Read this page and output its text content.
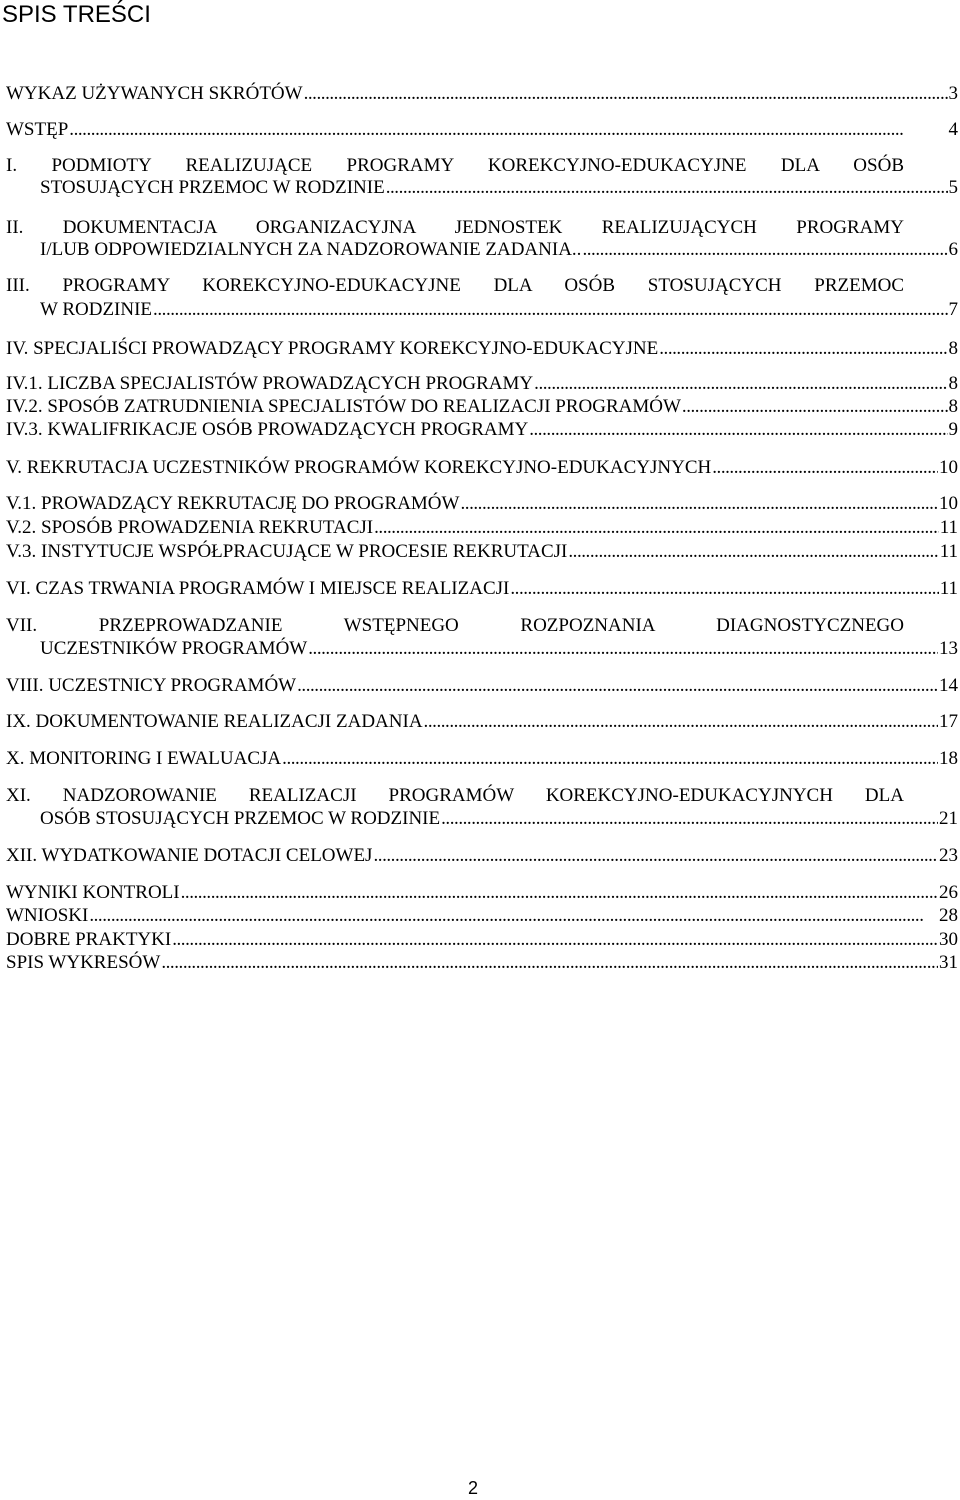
SPIS TREŚCI
WYKAZ UŻYWANYCH SKRÓTÓW . . .	3
WSTĘP . . .	4
I. PODMIOTY REALIZUJĄCE PROGRAMY KOREKCYJNO-EDUKACYJNE DLA OSÓB
STOSUJĄCYCH PRZEMOC W RODZINIE . . .	5
II. DOKUMENTACJA ORGANIZACYJNA JEDNOSTEK REALIZUJĄCYCH PROGRAMY
I/LUB ODPOWIEDZIALNYCH ZA NADZOROWANIE ZADANIA.. . . .	6
III. PROGRAMY KOREKCYJNO-EDUKACYJNE DLA OSÓB STOSUJĄCYCH PRZEMOC
W RODZINIE . . .	7
IV. SPECJALIŚCI PROWADZĄCY PROGRAMY KOREKCYJNO-EDUKACYJNE . . .	8
IV.1. LICZBA SPECJALISTÓW PROWADZĄCYCH PROGRAMY . . .	8
IV.2. SPOSÓB ZATRUDNIENIA SPECJALISTÓW DO REALIZACJI PROGRAMÓW . . .	8
IV.3. KWALIFRIKACJE OSÓB PROWADZĄCYCH PROGRAMY . . .	9
V. REKRUTACJA UCZESTNIKÓW PROGRAMÓW KOREKCYJNO-EDUKACYJNYCH . . .	10
V.1. PROWADZĄCY REKRUTACJĘ DO PROGRAMÓW . . .	10
V.2. SPOSÓB PROWADZENIA REKRUTACJI . . .	11
V.3. INSTYTUCJE WSPÓŁPRACUJĄCE W PROCESIE REKRUTACJI . . .	11
VI. CZAS TRWANIA PROGRAMÓW I MIEJSCE REALIZACJI . . .	11
VII. PRZEPROWADZANIE WSTĘPNEGO ROZPOZNANIA DIAGNOSTYCZNEGO
UCZESTNIKÓW PROGRAMÓW . . .	13
VIII. UCZESTNICY PROGRAMÓW . . .	14
IX. DOKUMENTOWANIE REALIZACJI ZADANIA . . .	17
X. MONITORING I EWALUACJA . . .	18
XI. NADZOROWANIE REALIZACJI PROGRAMÓW KOREKCYJNO-EDUKACYJNYCH DLA
OSÓB STOSUJĄCYCH PRZEMOC W RODZINIE . . .	21
XII. WYDATKOWANIE DOTACJI CELOWEJ . . .	23
WYNIKI KONTROLI . . .	26
WNIOSKI . . .	28
DOBRE PRAKTYKI . . .	30
SPIS WYKRESÓW . . .	31
2
